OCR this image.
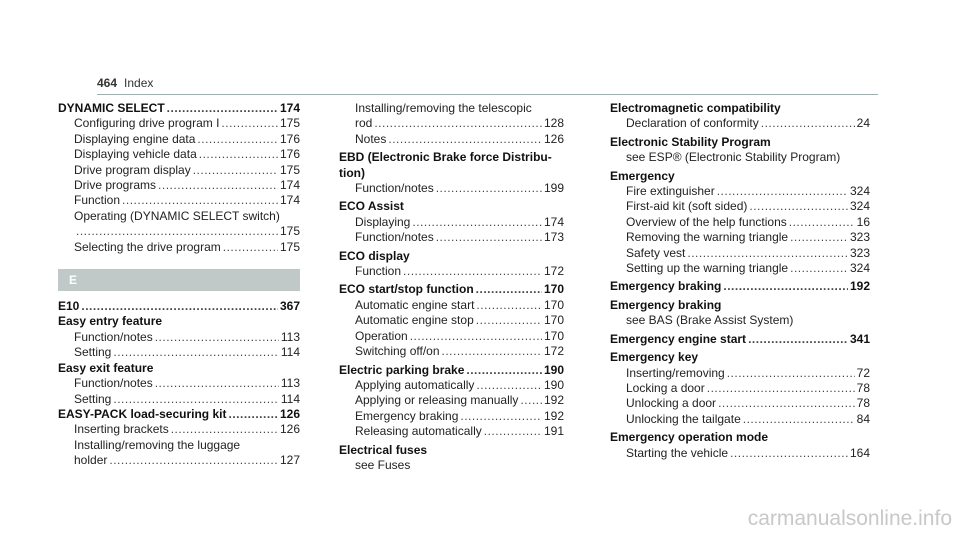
464 Index
DYNAMIC SELECT .....	174
Configuring drive program I .....	175
Displaying engine data .....	176
Displaying vehicle data .....	176
Drive program display .....	175
Drive programs .....	174
Function .....	174
Operating (DYNAMIC SELECT switch)
.....
175
Selecting the drive program .....	175
E
E10 .....	367
Easy entry feature
Function/notes .....	113
Setting .....	114
Easy exit feature
Function/notes .....	113
Setting .....	114
EASY-PACK load-securing kit .....	126
Inserting brackets .....	126
Installing/removing the luggage
holder .....	127
Installing/removing the telescopic
rod .....	128
Notes .....	126
EBD (Electronic Brake force Distribu-
tion)
Function/notes .....	199
ECO Assist
Displaying .....	174
Function/notes .....	173
ECO display
Function .....	172
ECO start/stop function .....	170
Automatic engine start .....	170
Automatic engine stop .....	170
Operation .....	170
Switching off/on .....	172
Electric parking brake .....	190
Applying automatically .....	190
Applying or releasing manually ..... 192
Emergency braking .....	192
Releasing automatically .....	191
Electrical fuses
see Fuses
Electromagnetic compatibility
Declaration of conformity .....	24
Electronic Stability Program
see ESP® (Electronic Stability Program)
Emergency
Fire extinguisher .....	324
First-aid kit (soft sided) .....	324
Overview of the help functions .....	16
Removing the warning triangle .....	323
Safety vest .....	323
Setting up the warning triangle .....	324
Emergency braking .....	192
Emergency braking
see BAS (Brake Assist System)
Emergency engine start .....	341
Emergency key
Inserting/removing .....	72
Locking a door .....	78
Unlocking a door .....	78
Unlocking the tailgate .....	84
Emergency operation mode
Starting the vehicle .....	164
carmanualsonline.info
